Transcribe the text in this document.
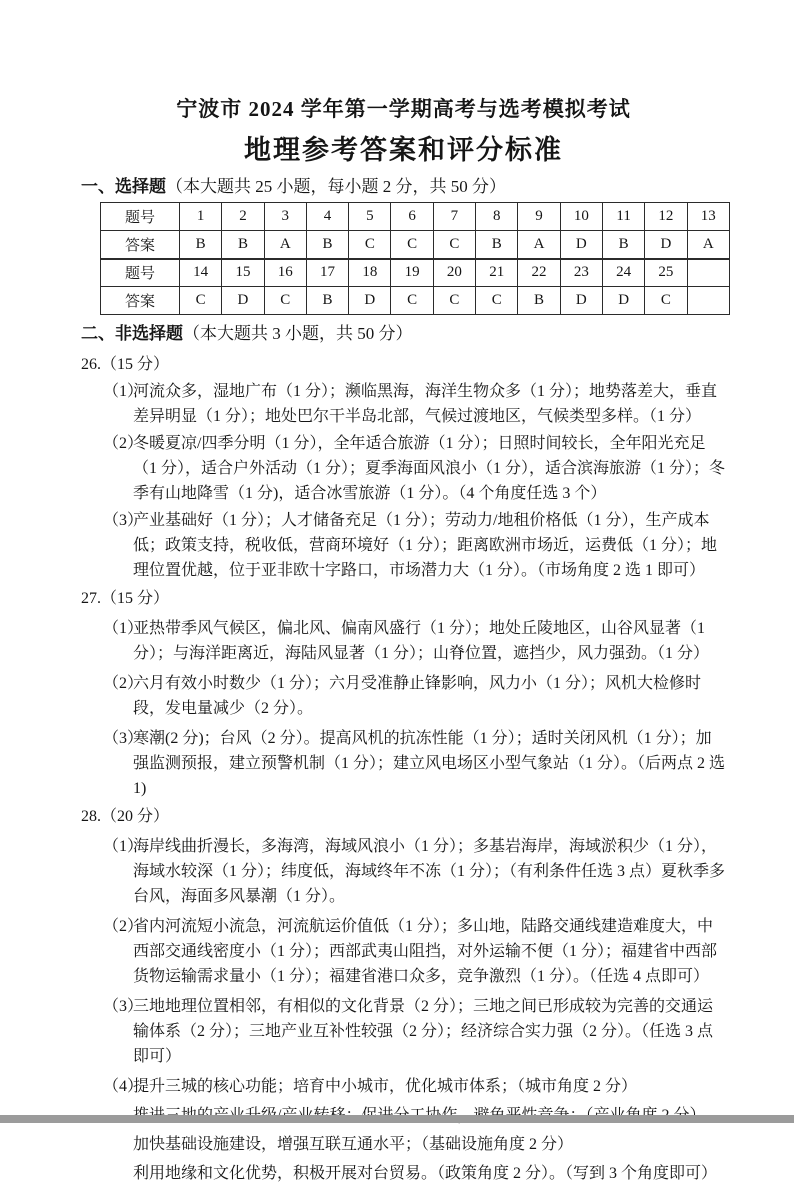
宁波市 2024 学年第一学期高考与选考模拟考试
地理参考答案和评分标准
一、选择题（本大题共 25 小题，每小题 2 分，共 50 分）
题号	1	2	3	4	5	6	7	8	9	10	11	12	13
答案	B	B	A	B	C	C	C	B	A	D	B	D	A
题号	14	15	16	17	18	19	20	21	22	23	24	25	
答案	C	D	C	B	D	C	C	C	B	D	D	C	
二、非选择题（本大题共 3 小题，共 50 分）
26.（15 分）
（1）
河流众多，湿地广布（1 分）；濒临黑海，海洋生物众多（1 分）；地势落差大，垂直差异明显（1 分）；地处巴尔干半岛北部，气候过渡地区，气候类型多样。（1 分）
（2）
冬暖夏凉/四季分明（1 分），全年适合旅游（1 分）；日照时间较长，全年阳光充足（1 分），适合户外活动（1 分）；夏季海面风浪小（1 分），适合滨海旅游（1 分）；冬季有山地降雪（1 分)，适合冰雪旅游（1 分）。（4 个角度任选 3 个）
（3）
产业基础好（1 分）；人才储备充足（1 分）；劳动力/地租价格低（1 分），生产成本低；政策支持，税收低，营商环境好（1 分）；距离欧洲市场近，运费低（1 分）；地理位置优越，位于亚非欧十字路口，市场潜力大（1 分）。（市场角度 2 选 1 即可）
27.（15 分）
（1）
亚热带季风气候区，偏北风、偏南风盛行（1 分）；地处丘陵地区，山谷风显著（1 分）；与海洋距离近，海陆风显著（1 分）；山脊位置，遮挡少，风力强劲。（1 分）
（2）
六月有效小时数少（1 分）；六月受准静止锋影响，风力小（1 分）；风机大检修时段，发电量减少（2 分）。
（3）
寒潮(2 分)；台风（2 分）。提高风机的抗冻性能（1 分）；适时关闭风机（1 分）；加强监测预报，建立预警机制（1 分）；建立风电场区小型气象站（1 分）。（后两点 2 选 1)
28.（20 分）
（1）
海岸线曲折漫长，多海湾，海域风浪小（1 分）；多基岩海岸，海域淤积少（1 分），海域水较深（1 分）；纬度低，海域终年不冻（1 分）；（有利条件任选 3 点）夏秋季多台风，海面多风暴潮（1 分）。
（2）
省内河流短小流急，河流航运价值低（1 分）；多山地，陆路交通线建造难度大，中西部交通线密度小（1 分）；西部武夷山阻挡，对外运输不便（1 分）；福建省中西部货物运输需求量小（1 分）；福建省港口众多，竞争激烈（1 分）。（任选 4 点即可）
（3）
三地地理位置相邻，有相似的文化背景（2 分）；三地之间已形成较为完善的交通运输体系（2 分）；三地产业互补性较强（2 分）；经济综合实力强（2 分）。（任选 3 点即可）
（4）
提升三城的核心功能；培育中小城市，优化城市体系；（城市角度 2 分）
加快基础设施建设，增强互联互通水平；（基础设施角度 2 分）
利用地缘和文化优势，积极开展对台贸易。（政策角度 2 分）。（写到 3 个角度即可）
